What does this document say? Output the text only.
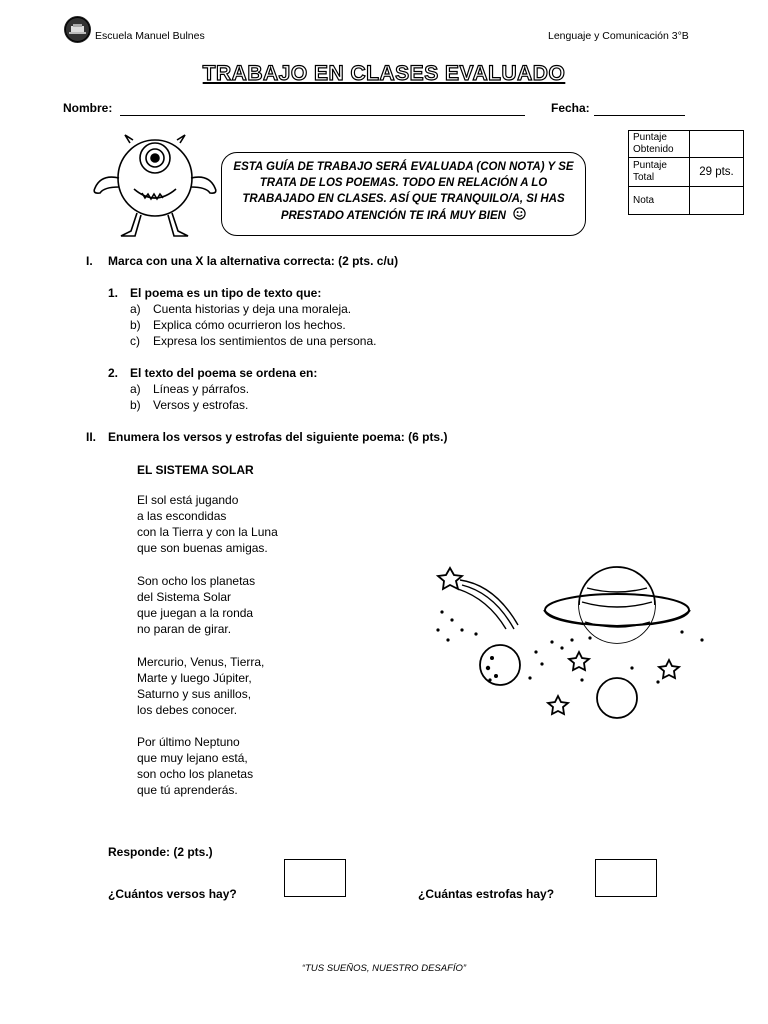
Escuela Manuel Bulnes	Lenguaje y Comunicación 3°B
TRABAJO EN CLASES EVALUADO
Nombre:	Fecha:
ESTA GUÍA DE TRABAJO SERÁ EVALUADA (CON NOTA) Y SE
TRATA DE LOS POEMAS. TODO EN RELACIÓN A LO
TRABAJADO EN CLASES. ASÍ QUE TRANQUILO/A, SI HAS
PRESTADO ATENCIÓN TE IRÁ MUY BIEN
Puntaje Obtenido	
Puntaje Total	29 pts.
Nota	
I. Marca con una X la alternativa correcta: (2 pts. c/u)
1. El poema es un tipo de texto que:
a) Cuenta historias y deja una moraleja.
b) Explica cómo ocurrieron los hechos.
c) Expresa los sentimientos de una persona.
2. El texto del poema se ordena en:
a) Líneas y párrafos.
b) Versos y estrofas.
II. Enumera los versos y estrofas del siguiente poema: (6 pts.)
EL SISTEMA SOLAR
El sol está jugando
a las escondidas
con la Tierra y con la Luna
que son buenas amigas.
Son ocho los planetas
del Sistema Solar
que juegan a la ronda
no paran de girar.
Mercurio, Venus, Tierra,
Marte y luego Júpiter,
Saturno y sus anillos,
los debes conocer.
Por último Neptuno
que muy lejano está,
son ocho los planetas
que tú aprenderás.
Responde: (2 pts.)
¿Cuántos versos hay?	¿Cuántas estrofas hay?
“TUS SUEÑOS, NUESTRO DESAFÍO”
